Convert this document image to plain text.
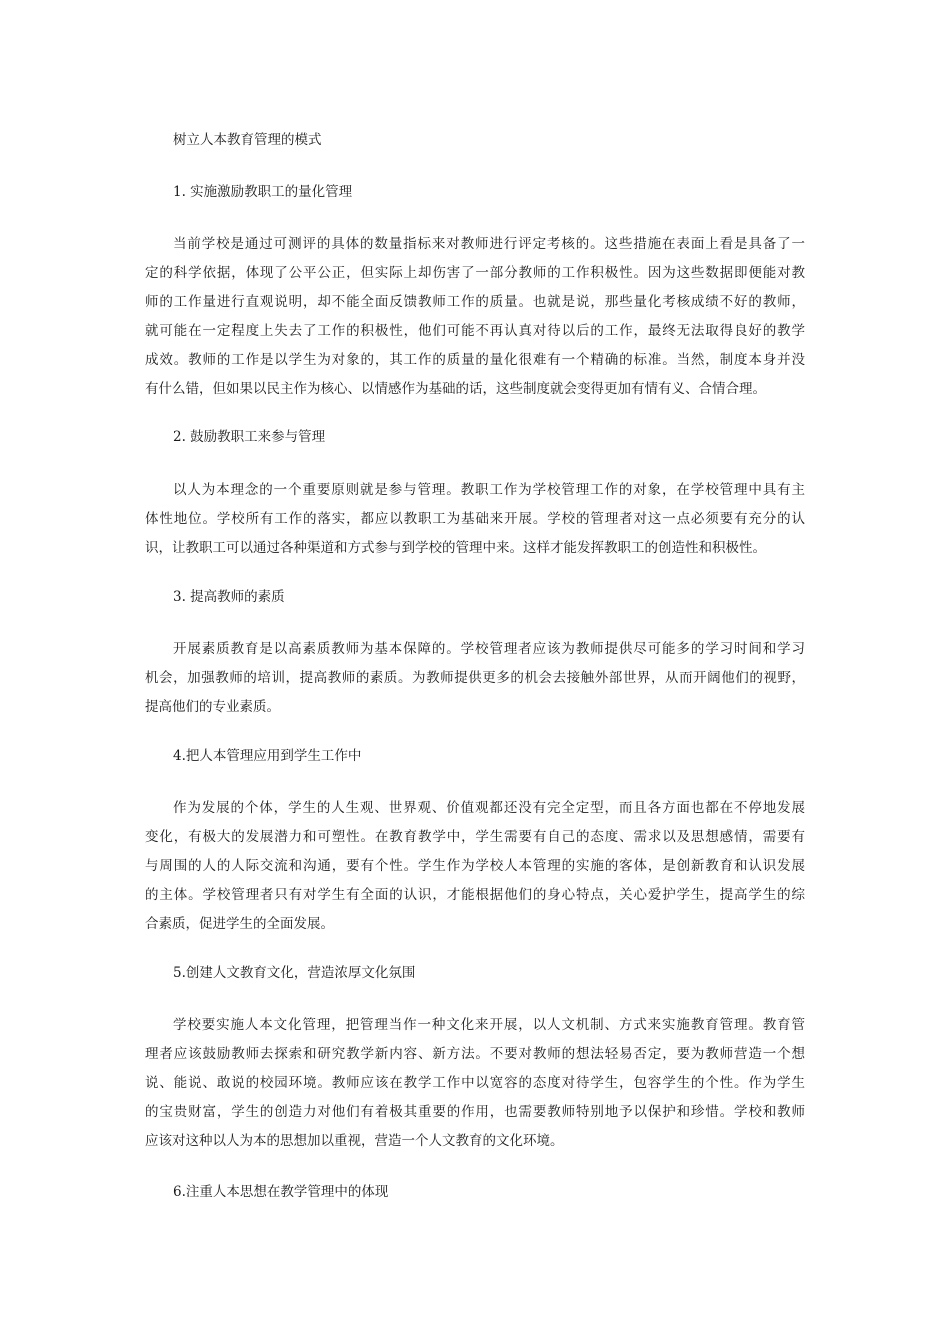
树立人本教育管理的模式
1. 实施激励教职工的量化管理
当前学校是通过可测评的具体的数量指标来对教师进行评定考核的。这些措施在表面上看是具备了一
定的科学依据，体现了公平公正，但实际上却伤害了一部分教师的工作积极性。因为这些数据即便能对教
师的工作量进行直观说明，却不能全面反馈教师工作的质量。也就是说，那些量化考核成绩不好的教师，
就可能在一定程度上失去了工作的积极性，他们可能不再认真对待以后的工作，最终无法取得良好的教学
成效。教师的工作是以学生为对象的，其工作的质量的量化很难有一个精确的标准。当然，制度本身并没
有什么错，但如果以民主作为核心、以情感作为基础的话，这些制度就会变得更加有情有义、合情合理。
2. 鼓励教职工来参与管理
以人为本理念的一个重要原则就是参与管理。教职工作为学校管理工作的对象，在学校管理中具有主
体性地位。学校所有工作的落实，都应以教职工为基础来开展。学校的管理者对这一点必须要有充分的认
识，让教职工可以通过各种渠道和方式参与到学校的管理中来。这样才能发挥教职工的创造性和积极性。
3. 提高教师的素质
开展素质教育是以高素质教师为基本保障的。学校管理者应该为教师提供尽可能多的学习时间和学习
机会，加强教师的培训，提高教师的素质。为教师提供更多的机会去接触外部世界，从而开阔他们的视野，
提高他们的专业素质。
4.把人本管理应用到学生工作中
作为发展的个体，学生的人生观、世界观、价值观都还没有完全定型，而且各方面也都在不停地发展
变化，有极大的发展潜力和可塑性。在教育教学中，学生需要有自己的态度、需求以及思想感情，需要有
与周围的人的人际交流和沟通，要有个性。学生作为学校人本管理的实施的客体，是创新教育和认识发展
的主体。学校管理者只有对学生有全面的认识，才能根据他们的身心特点，关心爱护学生，提高学生的综
合素质，促进学生的全面发展。
5.创建人文教育文化，营造浓厚文化氛围
学校要实施人本文化管理，把管理当作一种文化来开展，以人文机制、方式来实施教育管理。教育管
理者应该鼓励教师去探索和研究教学新内容、新方法。不要对教师的想法轻易否定，要为教师营造一个想
说、能说、敢说的校园环境。教师应该在教学工作中以宽容的态度对待学生，包容学生的个性。作为学生
的宝贵财富，学生的创造力对他们有着极其重要的作用，也需要教师特别地予以保护和珍惜。学校和教师
应该对这种以人为本的思想加以重视，营造一个人文教育的文化环境。
6.注重人本思想在教学管理中的体现
